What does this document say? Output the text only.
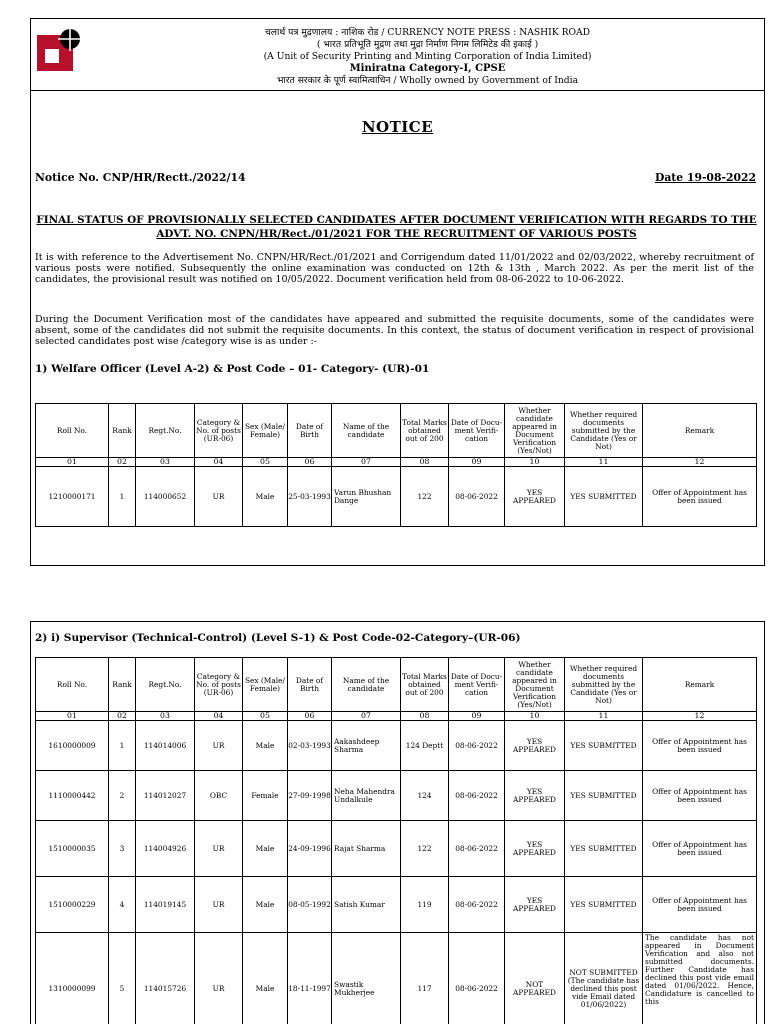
चलार्थ पत्र मुद्रणालय : नाशिक रोड / CURRENCY NOTE PRESS : NASHIK ROAD
( भारत प्रतिभूति मुद्रण तथा मुद्रा निर्माण निगम लिमिटेड की इकाई )
(A Unit of Security Printing and Minting Corporation of India Limited)
Miniratna Category-I, CPSE
भारत सरकार के पूर्ण स्वामित्वाधिन / Wholly owned by Government of India
NOTICE
Notice No. CNP/HR/Rectt./2022/14	Date 19-08-2022
FINAL STATUS OF PROVISIONALLY SELECTED CANDIDATES AFTER DOCUMENT VERIFICATION WITH REGARDS TO THE ADVT. NO. CNPN/HR/Rect./01/2021 FOR THE RECRUITMENT OF VARIOUS POSTS
It is with reference to the Advertisement No. CNPN/HR/Rect./01/2021 and Corrigendum dated 11/01/2022 and 02/03/2022, whereby recruitment of various posts were notified. Subsequently the online examination was conducted on 12th & 13th , March 2022. As per the merit list of the candidates, the provisional result was notified on 10/05/2022. Document verification held from 08-06-2022 to 10-06-2022.
During the Document Verification most of the candidates have appeared and submitted the requisite documents, some of the candidates were absent, some of the candidates did not submit the requisite documents. In this context, the status of document verification in respect of provisional selected candidates post wise /category wise is as under :-
1) Welfare Officer (Level A-2) & Post Code – 01- Category- (UR)-01
Roll No.	Rank	Regt.No.	Category & No. of posts (UR-06)	Sex (Male/ Female)	Date of Birth	Name of the candidate	Total Marks obtained out of 200	Date of Docu- ment Verifi- cation	Whether candidate appeared in Document Verification (Yes/Not)	Whether required documents submitted by the Candidate (Yes or Not)	Remark
01	02	03	04	05	06	07	08	09	10	11	12
1210000171	1	114000652	UR	Male	25-03-1993	Varun Bhushan Dange	122	08-06-2022	YES APPEARED	YES SUBMITTED	Offer of Appointment has been issued
2) i) Supervisor (Technical-Control) (Level S-1) & Post Code-02-Category–(UR-06)
Roll No.	Rank	Regt.No.	Category & No. of posts (UR-06)	Sex (Male/ Female)	Date of Birth	Name of the candidate	Total Marks obtained out of 200	Date of Docu- ment Verifi- cation	Whether candidate appeared in Document Verification (Yes/Not)	Whether required documents submitted by the Candidate (Yes or Not)	Remark
01	02	03	04	05	06	07	08	09	10	11	12
1610000009	1	114014006	UR	Male	02-03-1993	Aakashdeep Sharma	124 Deptt	08-06-2022	YES APPEARED	YES SUBMITTED	Offer of Appointment has been issued
1110000442	2	114012027	OBC	Female	27-09-1998	Neha Mahendra Undalkule	124	08-06-2022	YES APPEARED	YES SUBMITTED	Offer of Appointment has been issued
1510000035	3	114004926	UR	Male	24-09-1996	Rajat Sharma	122	08-06-2022	YES APPEARED	YES SUBMITTED	Offer of Appointment has been issued
1510000229	4	114019145	UR	Male	08-05-1992	Satish Kumar	119	08-06-2022	YES APPEARED	YES SUBMITTED	Offer of Appointment has been issued
1310000099	5	114015726	UR	Male	18-11-1997	Swastik Mukherjee	117	08-06-2022	NOT APPEARED	NOT SUBMITTED (The candidate has declined this post vide Email dated 01/06/2022)	The candidate has not appeared in Document Verification and also not submitted documents. Further Candidate has declined this post vide email dated 01/06/2022. Hence, Candidature is cancelled to this
